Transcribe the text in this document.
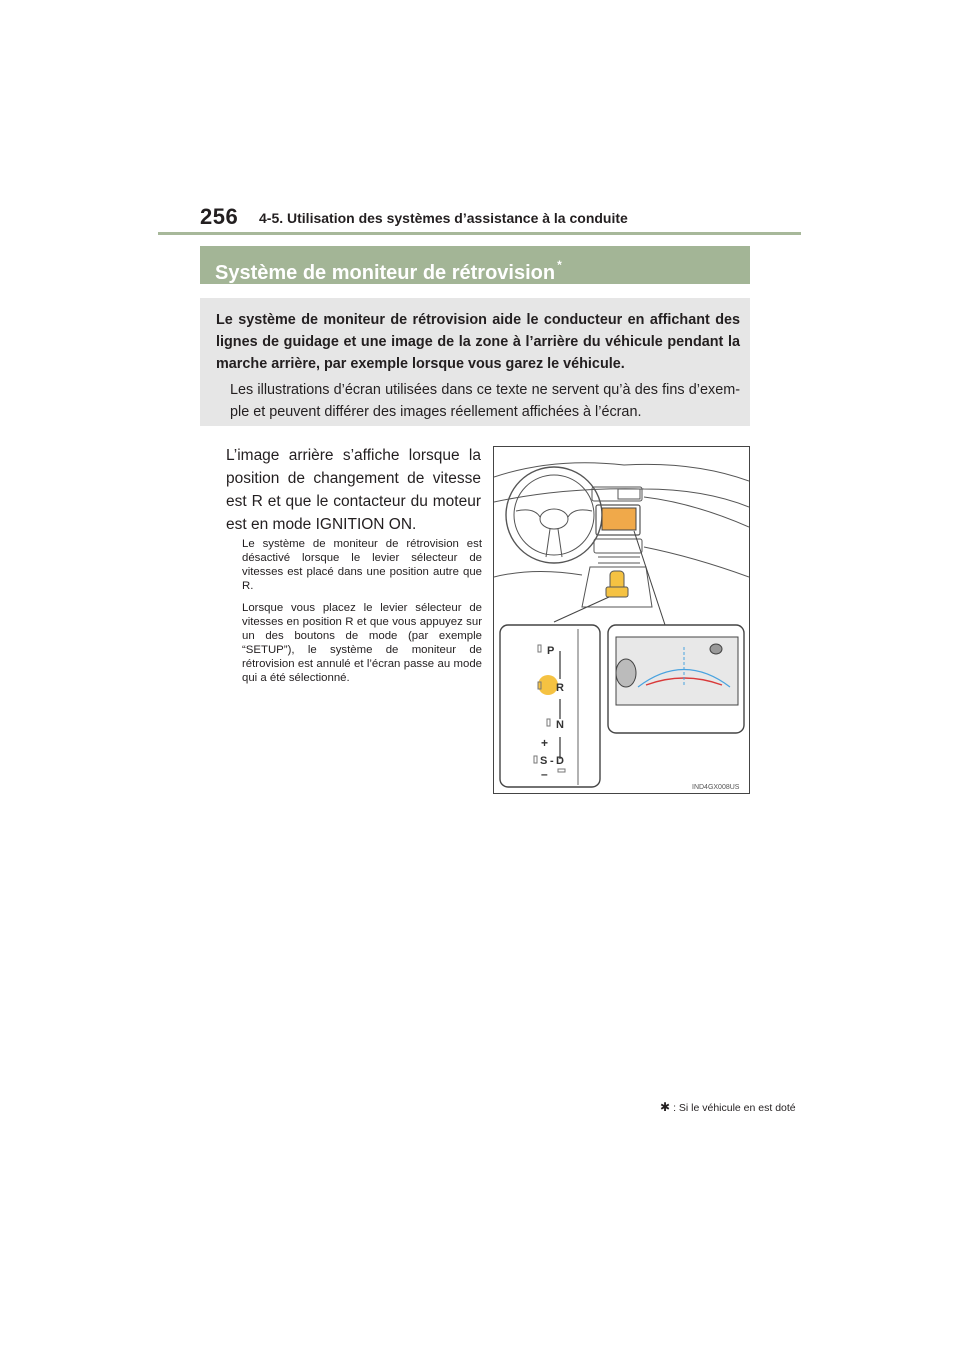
256 4-5. Utilisation des systèmes d’assistance à la conduite
Système de moniteur de rétrovision *
Le système de moniteur de rétrovision aide le conducteur en affichant des lignes de guidage et une image de la zone à l’arrière du véhicule pendant la marche arrière, par exemple lorsque vous garez le véhicule.
Les illustrations d’écran utilisées dans ce texte ne servent qu’à des fins d’exemple et peuvent différer des images réellement affichées à l’écran.
L’image arrière s’affiche lorsque la position de changement de vitesse est R et que le contacteur du moteur est en mode IGNITION ON.

Le système de moniteur de rétrovision est désactivé lorsque le levier sélecteur de vitesses est placé dans une position autre que R.

Lorsque vous placez le levier sélecteur de vitesses en position R et que vous appuyez sur un des boutons de mode (par exemple “SETUP”), le système de moniteur de rétrovision est annulé et l’écran passe au mode qui a été sélectionné.

P
R
N
+
S - D
–
IND4GX008US
✱ : Si le véhicule en est doté
